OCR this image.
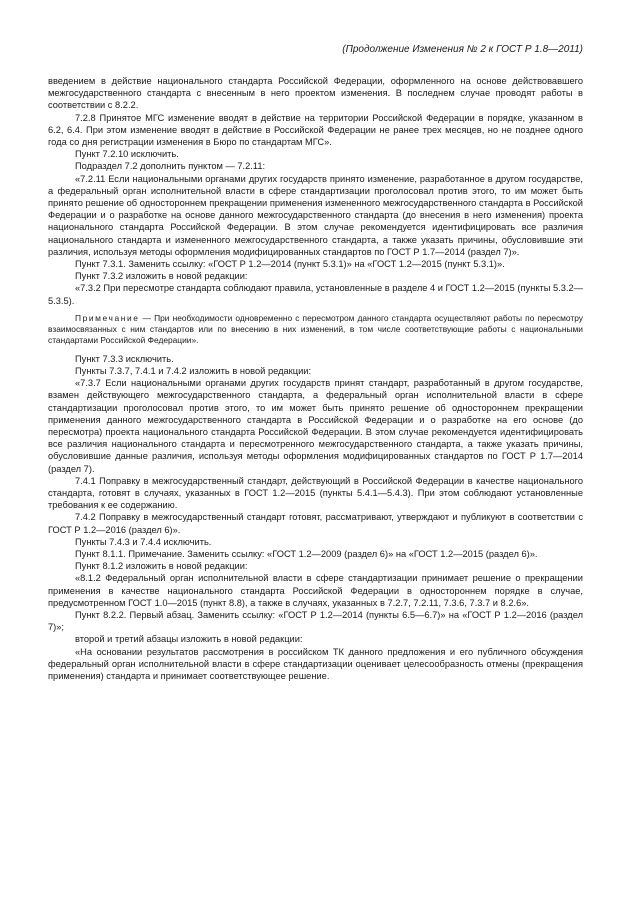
(Продолжение Изменения № 2 к ГОСТ Р 1.8—2011)

введением в действие национального стандарта Российской Федерации, оформленного на основе действовавшего межгосударственного стандарта с внесенным в него проектом изменения. В последнем случае проводят работы в соответствии с 8.2.2.

7.2.8 Принятое МГС изменение вводят в действие на территории Российской Федерации в порядке, указанном в 6.2, 6.4. При этом изменение вводят в действие в Российской Федерации не ранее трех месяцев, но не позднее одного года со дня регистрации изменения в Бюро по стандартам МГС».

Пункт 7.2.10 исключить.

Подраздел 7.2 дополнить пунктом — 7.2.11:

«7.2.11 Если национальными органами других государств принято изменение, разработанное в другом государстве, а федеральный орган исполнительной власти в сфере стандартизации проголосовал против этого, то им может быть принято решение об одностороннем прекращении применения измененного межгосударственного стандарта в Российской Федерации и о разработке на основе данного межгосударственного стандарта (до внесения в него изменения) проекта национального стандарта Российской Федерации. В этом случае рекомендуется идентифицировать все различия национального стандарта и измененного межгосударственного стандарта, а также указать причины, обусловившие эти различия, используя методы оформления модифицированных стандартов по ГОСТ Р 1.7—2014 (раздел 7)».

Пункт 7.3.1. Заменить ссылку: «ГОСТ Р 1.2—2014 (пункт 5.3.1)» на «ГОСТ 1.2—2015 (пункт 5.3.1)».

Пункт 7.3.2 изложить в новой редакции:

«7.3.2 При пересмотре стандарта соблюдают правила, установленные в разделе 4 и ГОСТ 1.2—2015 (пункты 5.3.2—5.3.5).

Примечание — При необходимости одновременно с пересмотром данного стандарта осуществляют работы по пересмотру взаимосвязанных с ним стандартов или по внесению в них изменений, в том числе соответствующие работы с национальными стандартами Российской Федерации».

Пункт 7.3.3 исключить.

Пункты 7.3.7, 7.4.1 и 7.4.2 изложить в новой редакции:

«7.3.7 Если национальными органами других государств принят стандарт, разработанный в другом государстве, взамен действующего межгосударственного стандарта, а федеральный орган исполнительной власти в сфере стандартизации проголосовал против этого, то им может быть принято решение об одностороннем прекращении применения данного межгосударственного стандарта в Российской Федерации и о разработке на его основе (до пересмотра) проекта национального стандарта Российской Федерации. В этом случае рекомендуется идентифицировать все различия национального стандарта и пересмотренного межгосударственного стандарта, а также указать причины, обусловившие данные различия, используя методы оформления модифицированных стандартов по ГОСТ Р 1.7—2014 (раздел 7).

7.4.1 Поправку в межгосударственный стандарт, действующий в Российской Федерации в качестве национального стандарта, готовят в случаях, указанных в ГОСТ 1.2—2015 (пункты 5.4.1—5.4.3). При этом соблюдают установленные требования к ее содержанию.

7.4.2 Поправку в межгосударственный стандарт готовят, рассматривают, утверждают и публикуют в соответствии с ГОСТ Р 1.2—2016 (раздел 6)».

Пункты 7.4.3 и 7.4.4 исключить.

Пункт 8.1.1. Примечание. Заменить ссылку: «ГОСТ 1.2—2009 (раздел 6)» на «ГОСТ 1.2—2015 (раздел 6)».

Пункт 8.1.2 изложить в новой редакции:

«8.1.2 Федеральный орган исполнительной власти в сфере стандартизации принимает решение о прекращении применения в качестве национального стандарта Российской Федерации в одностороннем порядке в случае, предусмотренном ГОСТ 1.0—2015 (пункт 8.8), а также в случаях, указанных в 7.2.7, 7.2.11, 7.3.6, 7.3.7 и 8.2.6».

Пункт 8.2.2. Первый абзац. Заменить ссылку: «ГОСТ Р 1.2—2014 (пункты 6.5—6.7)» на «ГОСТ Р 1.2—2016 (раздел 7)»;

второй и третий абзацы изложить в новой редакции:

«На основании результатов рассмотрения в российском ТК данного предложения и его публичного обсуждения федеральный орган исполнительной власти в сфере стандартизации оценивает целесообразность отмены (прекращения применения) стандарта и принимает соответствующее решение.
